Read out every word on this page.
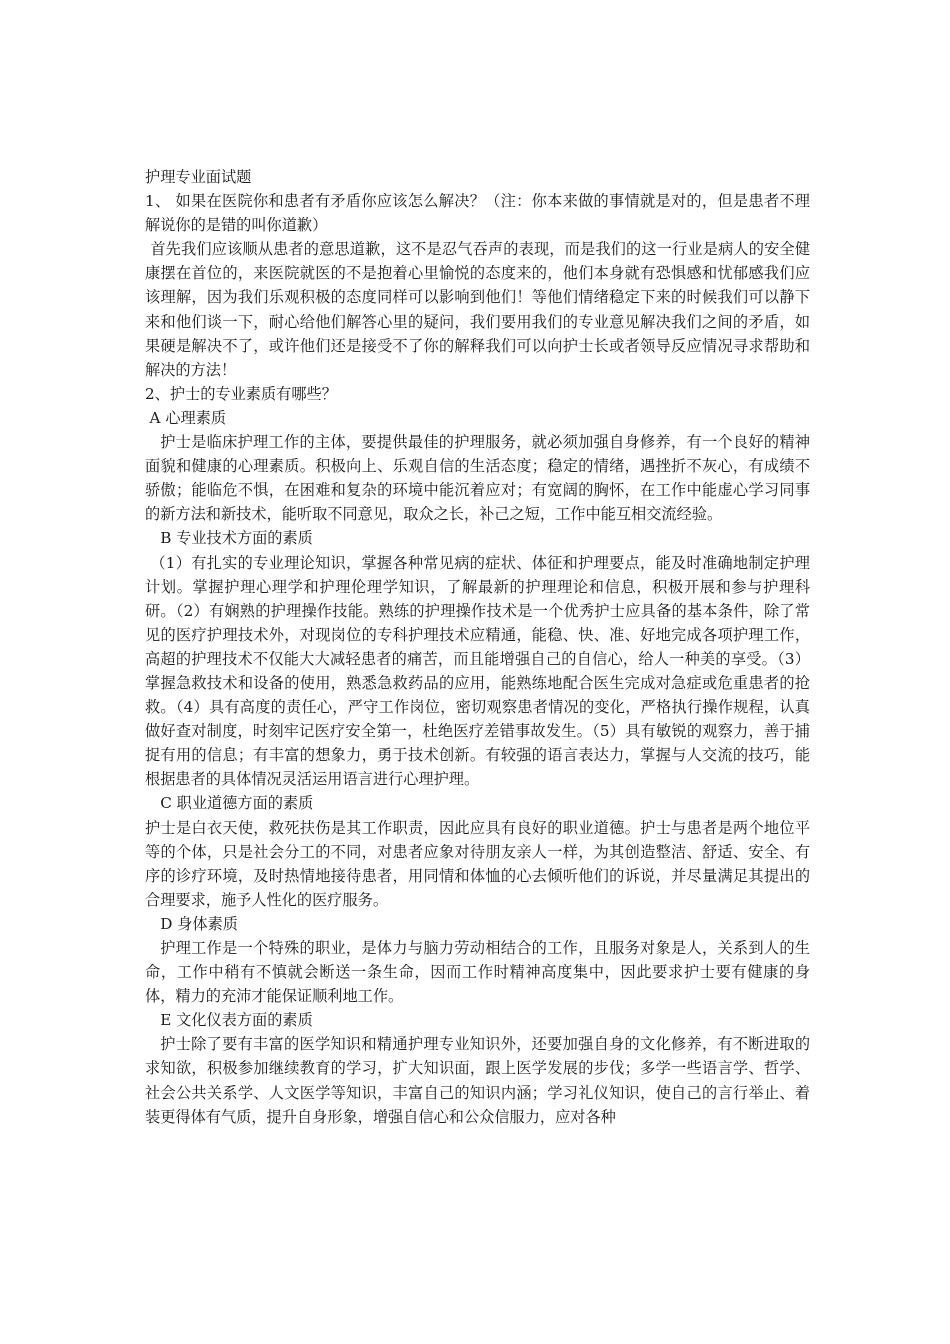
护理专业面试题

1、 如果在医院你和患者有矛盾你应该怎么解决？（注：你本来做的事情就是对的，但是患者不理解说你的是错的叫你道歉）

首先我们应该顺从患者的意思道歉，这不是忍气吞声的表现，而是我们的这一行业是病人的安全健康摆在首位的，来医院就医的不是抱着心里愉悦的态度来的，他们本身就有恐惧感和忧郁感我们应该理解，因为我们乐观积极的态度同样可以影响到他们！等他们情绪稳定下来的时候我们可以静下来和他们谈一下，耐心给他们解答心里的疑问，我们要用我们的专业意见解决我们之间的矛盾，如果硬是解决不了，或许他们还是接受不了你的解释我们可以向护士长或者领导反应情况寻求帮助和解决的方法！

2、护士的专业素质有哪些？

A 心理素质

护士是临床护理工作的主体，要提供最佳的护理服务，就必须加强自身修养，有一个良好的精神面貌和健康的心理素质。积极向上、乐观自信的生活态度；稳定的情绪，遇挫折不灰心，有成绩不骄傲；能临危不惧，在困难和复杂的环境中能沉着应对；有宽阔的胸怀，在工作中能虚心学习同事的新方法和新技术，能听取不同意见，取众之长，补己之短，工作中能互相交流经验。

B 专业技术方面的素质

（1）有扎实的专业理论知识，掌握各种常见病的症状、体征和护理要点，能及时准确地制定护理计划。掌握护理心理学和护理伦理学知识，了解最新的护理理论和信息，积极开展和参与护理科研。（2）有娴熟的护理操作技能。熟练的护理操作技术是一个优秀护士应具备的基本条件，除了常见的医疗护理技术外，对现岗位的专科护理技术应精通，能稳、快、准、好地完成各项护理工作，高超的护理技术不仅能大大减轻患者的痛苦，而且能增强自己的自信心，给人一种美的享受。（3）掌握急救技术和设备的使用，熟悉急救药品的应用，能熟练地配合医生完成对急症或危重患者的抢救。（4）具有高度的责任心，严守工作岗位，密切观察患者情况的变化，严格执行操作规程，认真做好查对制度，时刻牢记医疗安全第一，杜绝医疗差错事故发生。（5）具有敏锐的观察力，善于捕捉有用的信息；有丰富的想象力，勇于技术创新。有较强的语言表达力，掌握与人交流的技巧，能根据患者的具体情况灵活运用语言进行心理护理。

C 职业道德方面的素质

护士是白衣天使，救死扶伤是其工作职责，因此应具有良好的职业道德。护士与患者是两个地位平等的个体，只是社会分工的不同，对患者应象对待朋友亲人一样，为其创造整洁、舒适、安全、有序的诊疗环境，及时热情地接待患者，用同情和体恤的心去倾听他们的诉说，并尽量满足其提出的合理要求，施予人性化的医疗服务。

D 身体素质

护理工作是一个特殊的职业，是体力与脑力劳动相结合的工作，且服务对象是人，关系到人的生命，工作中稍有不慎就会断送一条生命，因而工作时精神高度集中，因此要求护士要有健康的身体，精力的充沛才能保证顺利地工作。

E 文化仪表方面的素质

护士除了要有丰富的医学知识和精通护理专业知识外，还要加强自身的文化修养，有不断进取的求知欲，积极参加继续教育的学习，扩大知识面，跟上医学发展的步伐；多学一些语言学、哲学、社会公共关系学、人文医学等知识，丰富自己的知识内涵；学习礼仪知识，使自己的言行举止、着装更得体有气质，提升自身形象，增强自信心和公众信服力，应对各种
